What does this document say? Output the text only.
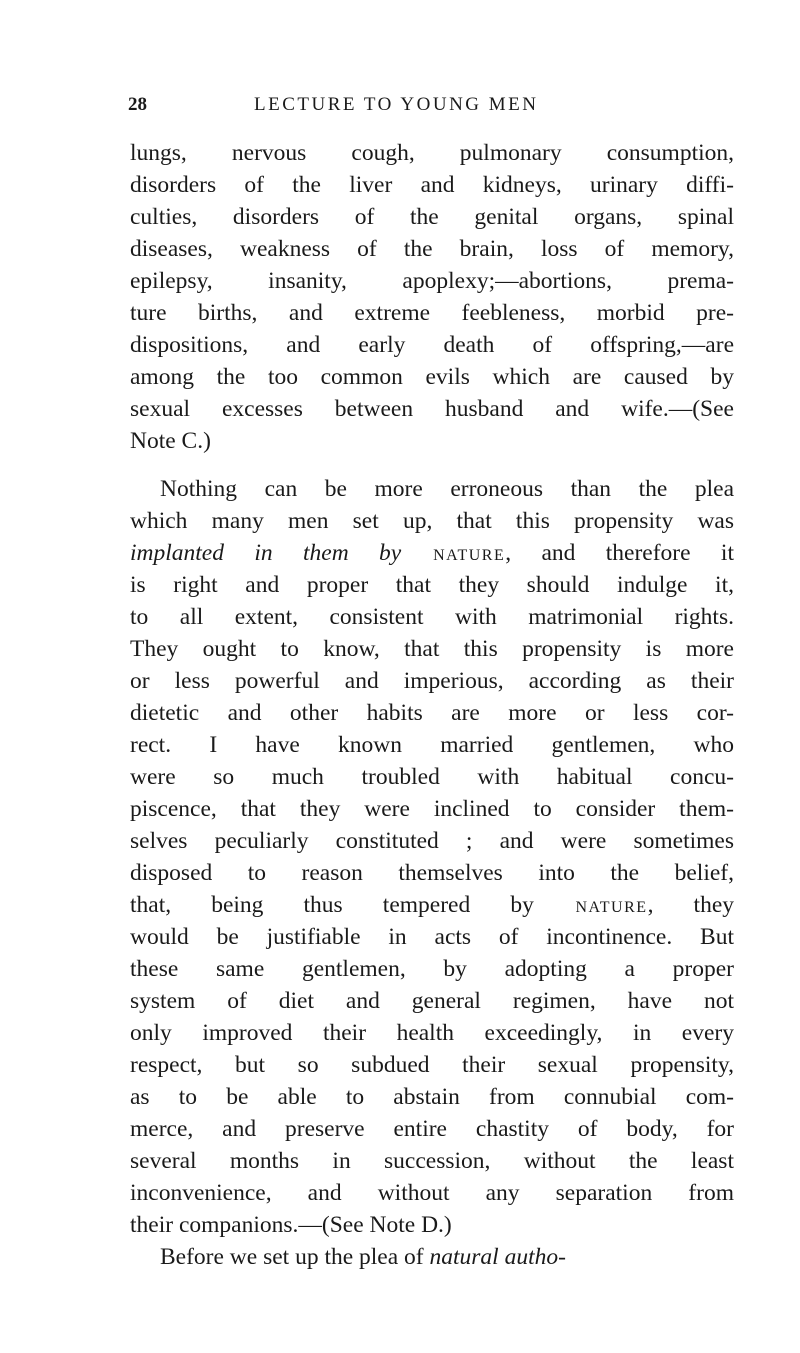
28	LECTURE TO YOUNG MEN
lungs, nervous cough, pulmonary consumption,
disorders of the liver and kidneys, urinary diffi-
culties, disorders of the genital organs, spinal
diseases, weakness of the brain, loss of memory,
epilepsy, insanity, apoplexy;—abortions, prema-
ture births, and extreme feebleness, morbid pre-
dispositions, and early death of offspring,—are
among the too common evils which are caused by
sexual excesses between husband and wife.—(See
Note C.)
Nothing can be more erroneous than the plea
which many men set up, that this propensity was
implanted in them by nature, and therefore it
is right and proper that they should indulge it,
to all extent, consistent with matrimonial rights.
They ought to know, that this propensity is more
or less powerful and imperious, according as their
dietetic and other habits are more or less cor-
rect. I have known married gentlemen, who
were so much troubled with habitual concu-
piscence, that they were inclined to consider them-
selves peculiarly constituted ; and were sometimes
disposed to reason themselves into the belief,
that, being thus tempered by nature, they
would be justifiable in acts of incontinence. But
these same gentlemen, by adopting a proper
system of diet and general regimen, have not
only improved their health exceedingly, in every
respect, but so subdued their sexual propensity,
as to be able to abstain from connubial com-
merce, and preserve entire chastity of body, for
several months in succession, without the least
inconvenience, and without any separation from
their companions.—(See Note D.)
Before we set up the plea of natural autho-
